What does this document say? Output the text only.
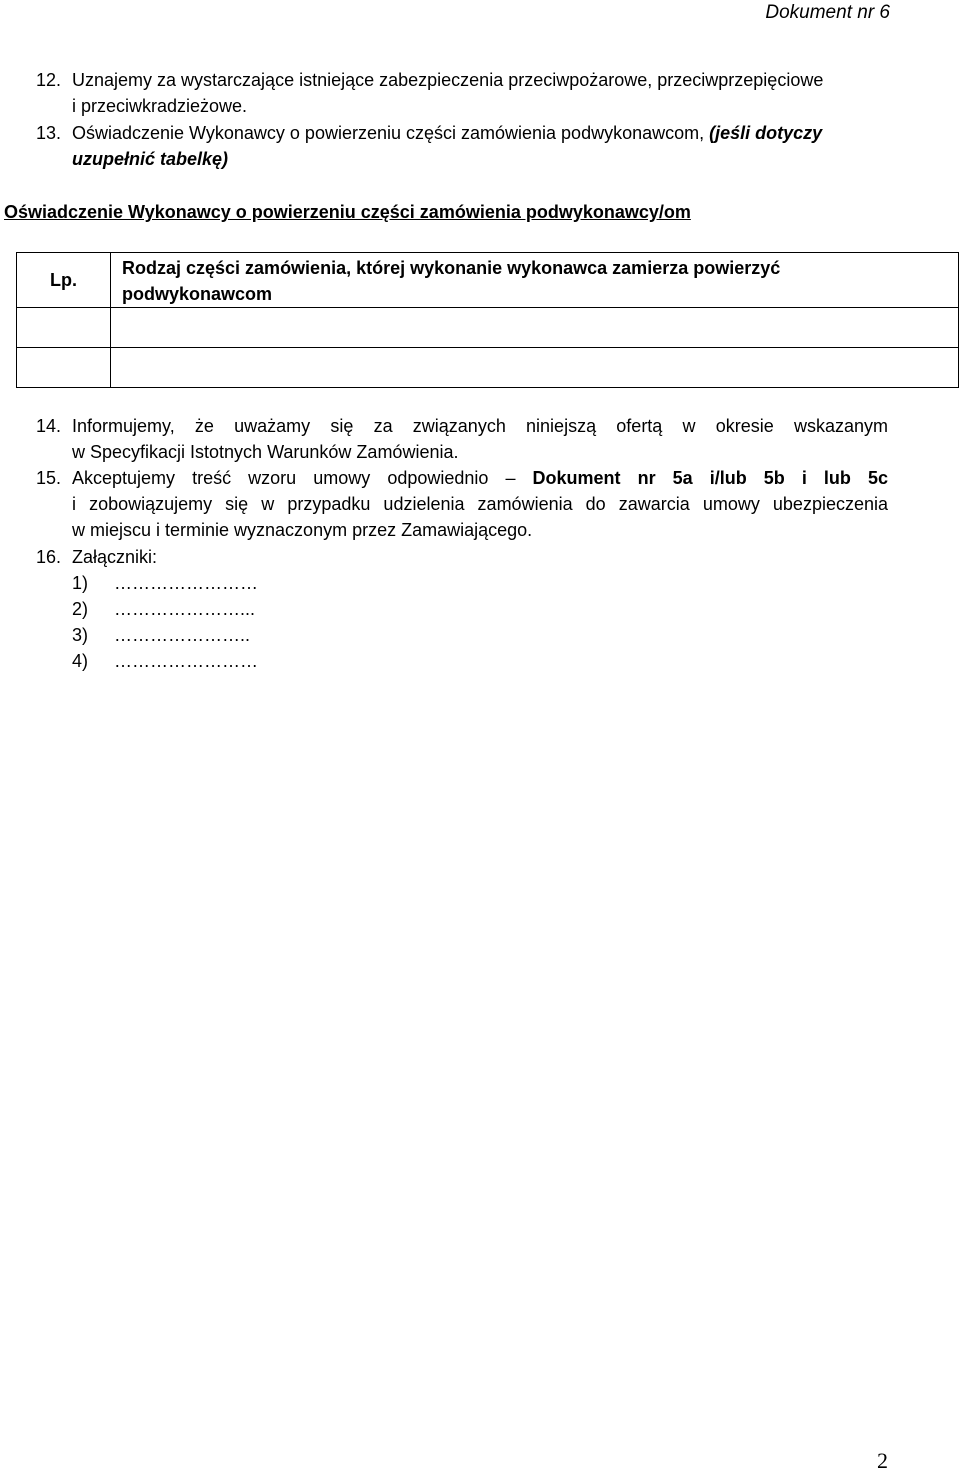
Dokument nr 6
12. Uznajemy za wystarczające istniejące zabezpieczenia przeciwpożarowe, przeciwprzepięciowe
i przeciwkradzieżowe.
13. Oświadczenie Wykonawcy o powierzeniu części zamówienia podwykonawcom, (jeśli dotyczy
uzupełnić tabelkę)
Oświadczenie Wykonawcy o powierzeniu części zamówienia podwykonawcy/om
Lp.	Rodzaj części zamówienia, której wykonanie wykonawca zamierza powierzyć
podwykonawcom

14. Informujemy, że uważamy się za związanych niniejszą ofertą w okresie wskazanym
w Specyfikacji Istotnych Warunków Zamówienia.
15. Akceptujemy treść wzoru umowy odpowiednio – Dokument nr 5a i/lub 5b i lub 5c
i zobowiązujemy się w przypadku udzielenia zamówienia do zawarcia umowy ubezpieczenia
w miejscu i terminie wyznaczonym przez Zamawiającego.
16. Załączniki:
1) ……………………
2) …………………...
3) …………………..
4) ……………………
2
